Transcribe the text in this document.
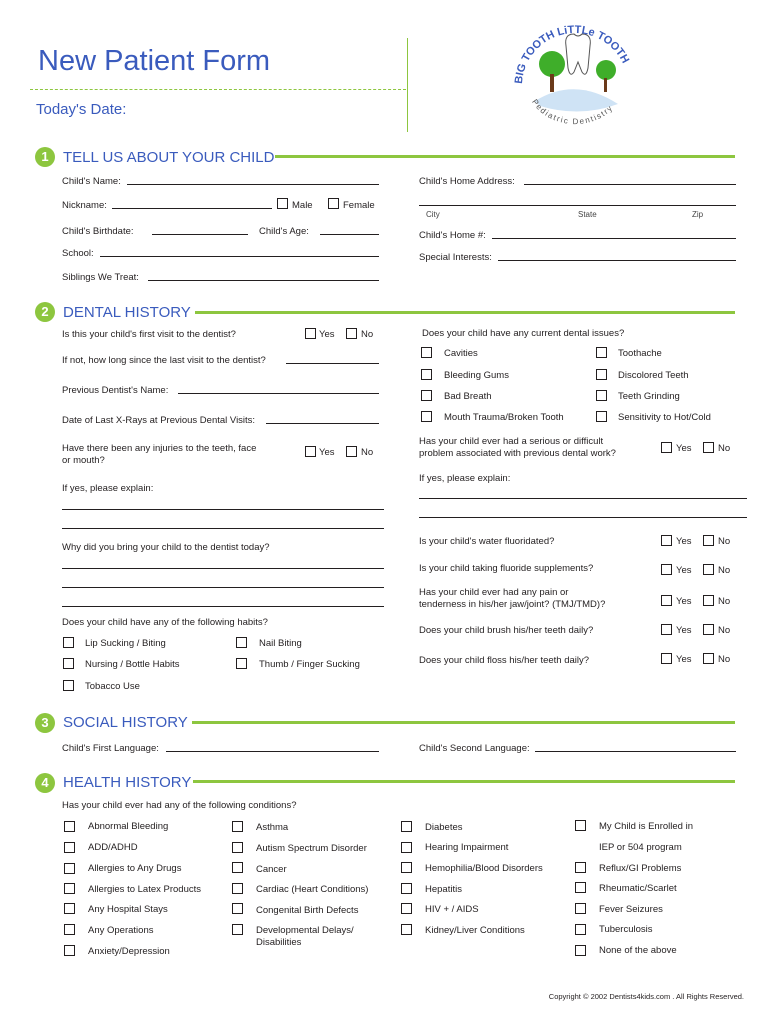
New Patient Form
Today's Date:
BIG TOOTH LiTTLe TOOTH
Pediatric Dentistry
1 TELL US ABOUT YOUR CHILD
Child's Name:
Nickname:	Male	Female
Child's Birthdate:	Child's Age:
School:
Siblings We Treat:
Child's Home Address:
City	State	Zip
Child's Home #:
Special Interests:
2 DENTAL HISTORY
Is this your child's first visit to the dentist?	Yes	No
If not, how long since the last visit to the dentist?
Previous Dentist's Name:
Date of Last X-Rays at Previous Dental Visits:
Have there been any injuries to the teeth, face
or mouth?
Yes	No
If yes, please explain:
Why did you bring your child to the dentist today?
Does your child have any of the following habits?
Lip Sucking / Biting	Nail Biting
Nursing / Bottle Habits	Thumb / Finger Sucking
Tobacco Use
Does your child have any current dental issues?
Cavities	Toothache
Bleeding Gums	Discolored Teeth
Bad Breath	Teeth Grinding
Mouth Trauma/Broken Tooth	Sensitivity to Hot/Cold
Has your child ever had a serious or difficult
problem associated with previous dental work?	Yes	No
If yes, please explain:
Is your child's water fluoridated?	Yes	No
Is your child taking fluoride supplements?	Yes	No
Has your child ever had any pain or
tenderness in his/her jaw/joint? (TMJ/TMD)?	Yes	No
Does your child brush his/her teeth daily?	Yes	No
Does your child floss his/her teeth daily?	Yes	No
3 SOCIAL HISTORY
Child's First Language:	Child's Second Language:
4 HEALTH HISTORY
Has your child ever had any of the following conditions?
Abnormal Bleeding
ADD/ADHD
Allergies to Any Drugs
Allergies to Latex Products
Any Hospital Stays
Any Operations
Anxiety/Depression
Asthma
Autism Spectrum Disorder
Cancer
Cardiac (Heart Conditions)
Congenital Birth Defects
Developmental Delays/
Disabilities
Diabetes
Hearing Impairment
Hemophilia/Blood Disorders
Hepatitis
HIV + / AIDS
Kidney/Liver Conditions
My Child is Enrolled in
IEP or 504 program
Reflux/GI Problems
Rheumatic/Scarlet
Fever Seizures
Tuberculosis
None of the above
Copyright © 2002 Dentists4kids.com . All Rights Reserved.
